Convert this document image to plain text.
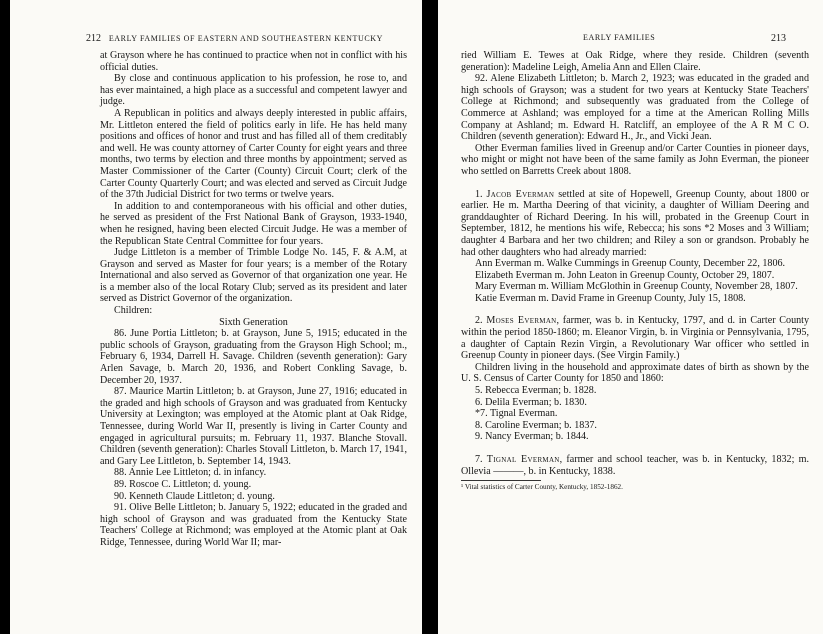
212 EARLY FAMILIES OF EASTERN AND SOUTHEASTERN KENTUCKY

at Grayson where he has continued to practice when not in conflict with his official duties.

By close and continuous application to his profession, he rose to, and has ever maintained, a high place as a successful and competent lawyer and judge.

A Republican in politics and always deeply interested in public affairs, Mr. Littleton entered the field of politics early in life. He has held many positions and offices of honor and trust and has filled all of them creditably and well. He was county attorney of Carter County for eight years and three months, two terms by election and three months by appointment; served as Master Commissioner of the Carter (County) Circuit Court; clerk of the Carter County Quarterly Court; and was elected and served as Circuit Judge of the 37th Judicial District for two terms or twelve years.

In addition to and contemporaneous with his official and other duties, he served as president of the Frst National Bank of Grayson, 1933-1940, when he resigned, having been elected Circuit Judge. He was a member of the Republican State Central Committee for four years.

Judge Littleton is a member of Trimble Lodge No. 145, F. & A.M, at Grayson and served as Master for four years; is a member of the Rotary International and also served as Governor of that organization one year. He is a member also of the local Rotary Club; served as its president and later served as District Governor of the organization.

Children:

Sixth Generation

86. June Portia Littleton; b. at Grayson, June 5, 1915; educated in the public schools of Grayson, graduating from the Grayson High School; m., February 6, 1934, Darrell H. Savage. Children (seventh generation): Gary Arlen Savage, b. March 20, 1936, and Robert Conkling Savage, b. December 20, 1937.

87. Maurice Martin Littleton; b. at Grayson, June 27, 1916; educated in the graded and high schools of Grayson and was graduated from Kentucky University at Lexington; was employed at the Atomic plant at Oak Ridge, Tennessee, during World War II, presently is living in Carter County and engaged in agricultural pursuits; m. February 11, 1937. Blanche Stovall. Children (seventh generation): Charles Stovall Littleton, b. March 17, 1941, and Gary Lee Littleton, b. September 14, 1943.

88. Annie Lee Littleton; d. in infancy.

89. Roscoe C. Littleton; d. young.

90. Kenneth Claude Littleton; d. young.

91. Olive Belle Littleton; b. January 5, 1922; educated in the graded and high school of Grayson and was graduated from the Kentucky State Teachers' College at Richmond; was employed at the Atomic plant at Oak Ridge, Tennessee, during World War II; mar-

EARLY FAMILIES	213

ried William E. Tewes at Oak Ridge, where they reside. Children (seventh generation): Madeline Leigh, Amelia Ann and Ellen Claire.

92. Alene Elizabeth Littleton; b. March 2, 1923; was educated in the graded and high schools of Grayson; was a student for two years at Kentucky State Teachers' College at Richmond; and subsequently was graduated from the College of Commerce at Ashland; was employed for a time at the American Rolling Mills Company at Ashland; m. Edward H. Ratcliff, an employee of the A R M C O. Children (seventh generation): Edward H., Jr., and Vicki Jean.

Other Everman families lived in Greenup and/or Carter Counties in pioneer days, who might or might not have been of the same family as John Everman, the pioneer who settled on Barretts Creek about 1808.

1. Jacob Everman settled at site of Hopewell, Greenup County, about 1800 or earlier. He m. Martha Deering of that vicinity, a daughter of William Deering and granddaughter of Richard Deering. In his will, probated in the Greenup Court in September, 1812, he mentions his wife, Rebecca; his sons *2 Moses and 3 William; daughter 4 Barbara and her two children; and Riley a son or grandson. Probably he had other daughters who had already married:

Ann Everman m. Walke Cummings in Greenup County, December 22, 1806.

Elizabeth Everman m. John Leaton in Greenup County, October 29, 1807.

Mary Everman m. William McGlothin in Greenup County, November 28, 1807.

Katie Everman m. David Frame in Greenup County, July 15, 1808.

2. Moses Everman, farmer, was b. in Kentucky, 1797, and d. in Carter County within the period 1850-1860; m. Eleanor Virgin, b. in Virginia or Pennsylvania, 1795, a daughter of Captain Rezin Virgin, a Revolutionary War officer who settled in Greenup County in pioneer days. (See Virgin Family.)

Children living in the household and approximate dates of birth as shown by the U. S. Census of Carter County for 1850 and 1860:

5. Rebecca Everman; b. 1828.
6. Delila Everman; b. 1830.
*7. Tignal Everman.
8. Caroline Everman; b. 1837.
9. Nancy Everman; b. 1844.

7. Tignal Everman, farmer and school teacher, was b. in Kentucky, 1832; m. Ollevia ———, b. in Kentucky, 1838.

¹ Vital statistics of Carter County, Kentucky, 1852-1862.
